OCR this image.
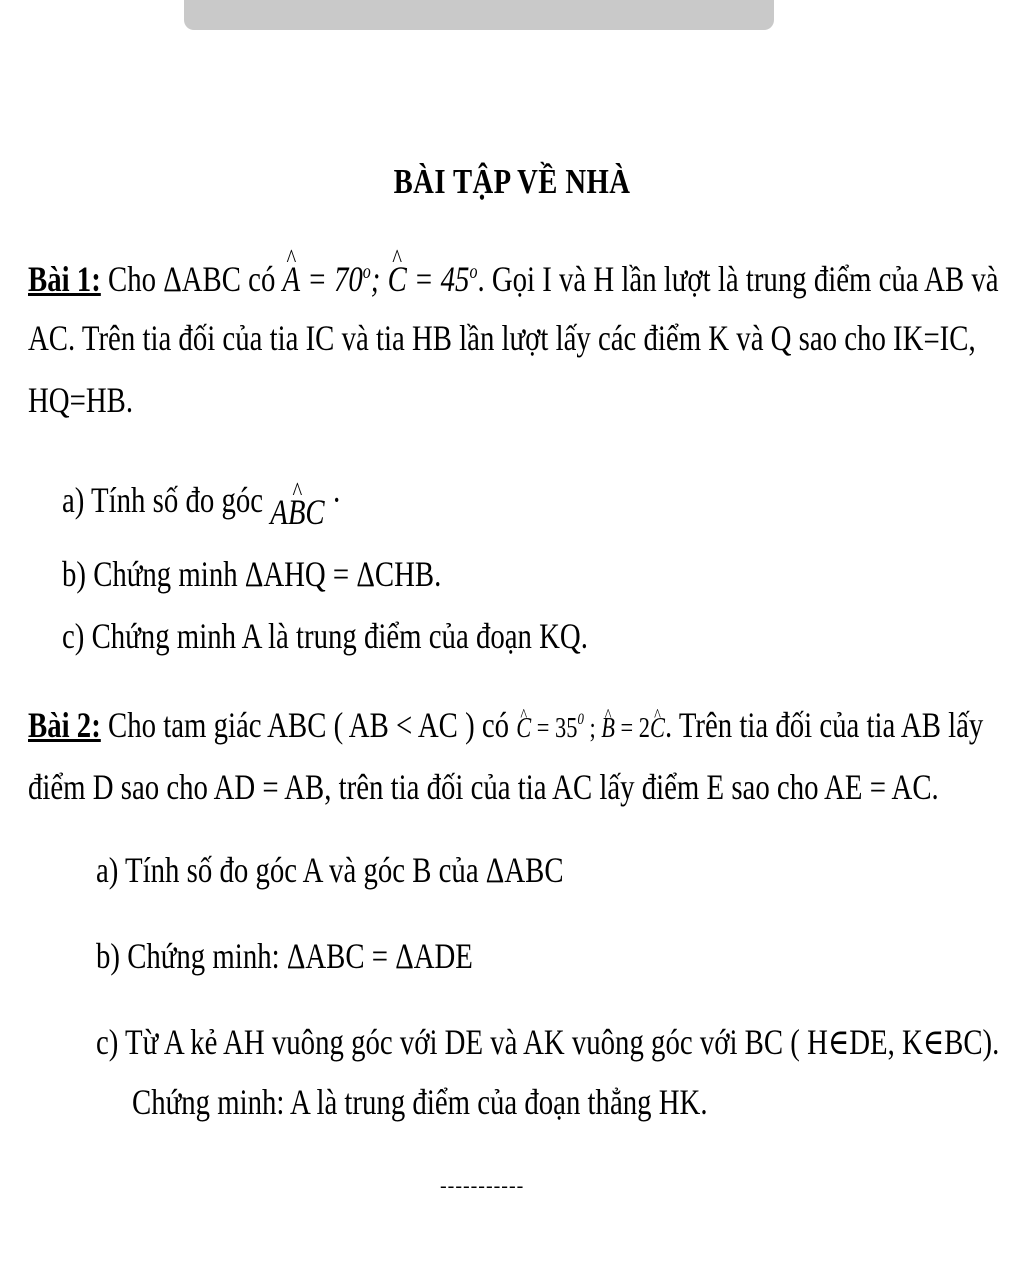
BÀI TẬP VỀ NHÀ
Bài 1: Cho ΔABC có ^ $A = 70^o$; ^ $C = 45^o$. Gọi I và H lần lượt là trung điểm của AB và
AC. Trên tia đối của tia IC và tia HB lần lượt lấy các điểm K và Q sao cho IK=IC,
HQ=HB.
a) Tính số đo góc ^ ABC ·
b) Chứng minh ΔAHQ = ΔCHB.
c) Chứng minh A là trung điểm của đoạn KQ.
Bài 2: Cho tam giác ABC ( AB < AC ) có ^ $C = 35^0$ ; ^ B = 2^ C. Trên tia đối của tia AB lấy
điểm D sao cho AD = AB, trên tia đối của tia AC lấy điểm E sao cho AE = AC.
a) Tính số đo góc A và góc B của ΔABC
b) Chứng minh: ΔABC = ΔADE
c) Từ A kẻ AH vuông góc với DE và AK vuông góc với BC ( H∈DE, K∈BC).
Chứng minh: A là trung điểm của đoạn thẳng HK.
-----------
